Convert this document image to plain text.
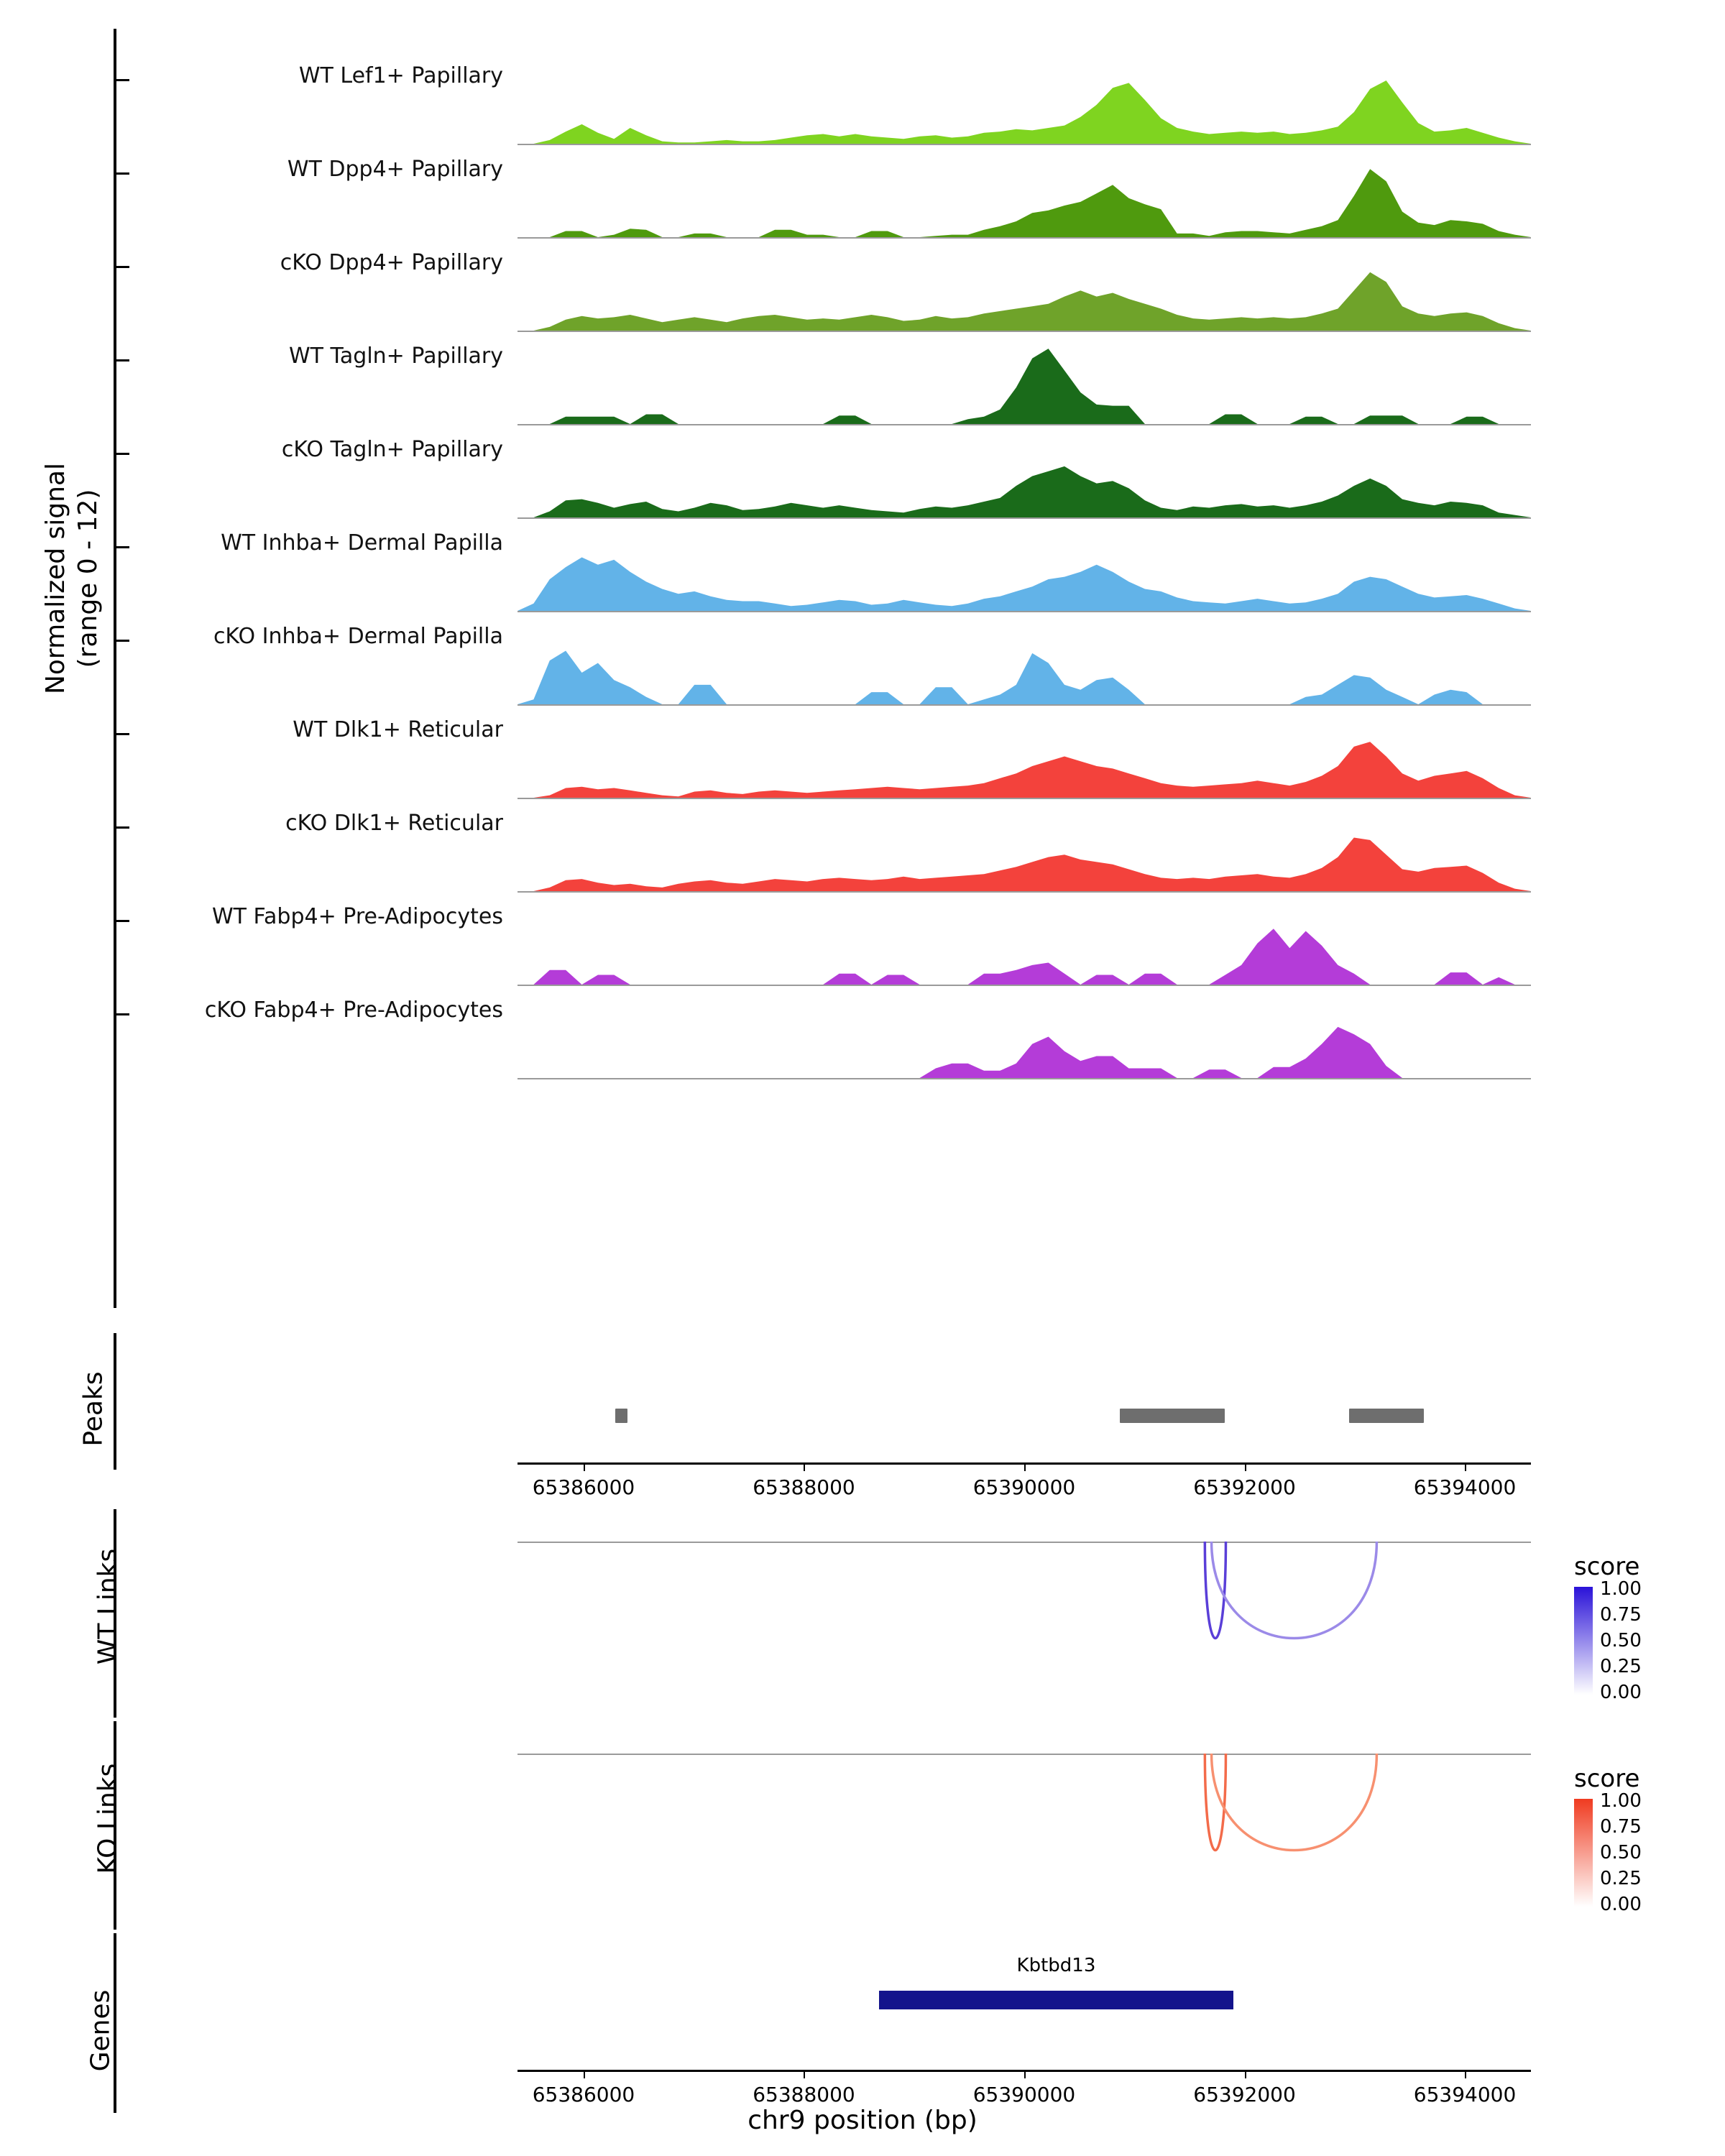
Normalized signal (range 0 - 12)
WT Lef1+ Papillary
WT Dpp4+ Papillary
cKO Dpp4+ Papillary
WT Tagln+ Papillary
cKO Tagln+ Papillary
WT Inhba+ Dermal Papilla
cKO Inhba+ Dermal Papilla
WT Dlk1+ Reticular
cKO Dlk1+ Reticular
WT Fabp4+ Pre-Adipocytes
cKO Fabp4+ Pre-Adipocytes
Peaks
65386000	65388000	65390000	65392000	65394000
WT Links
KO Links
score
1.00
0.75
0.50
0.25
0.00
score
1.00
0.75
0.50
0.25
0.00
Genes
Kbtbd13
65386000	65388000	65390000	65392000	65394000
chr9 position (bp)
